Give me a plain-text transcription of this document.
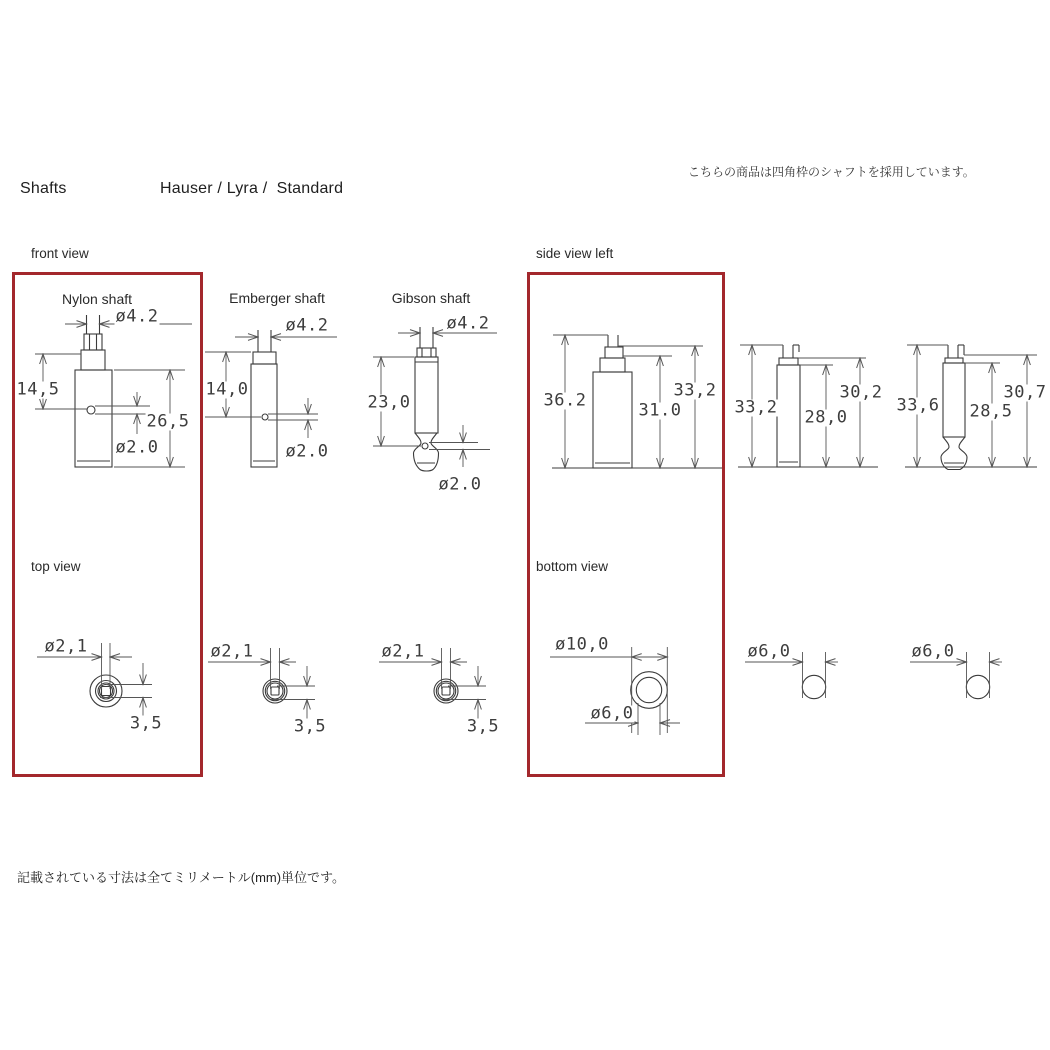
Shafts	Hauser / Lyra /  Standard
こちらの商品は四角枠のシャフトを採用しています。
front view	side view left
top view	bottom view
Nylon shaft	Emberger shaft	Gibson shaft
ø4.2
14,5
26,5
ø2.0
ø4.2
14,0
ø2.0
ø4.2
23,0
ø2.0
36.2	31.0
33,2
33,2 28,0
30,2
33,6 28,5
30,7
ø2,1
3,5
ø2,1
3,5
ø2,1
3,5
ø10,0
ø6,0
ø6,0	ø6,0
記載されている寸法は全てミリメートル(mm)単位です。
